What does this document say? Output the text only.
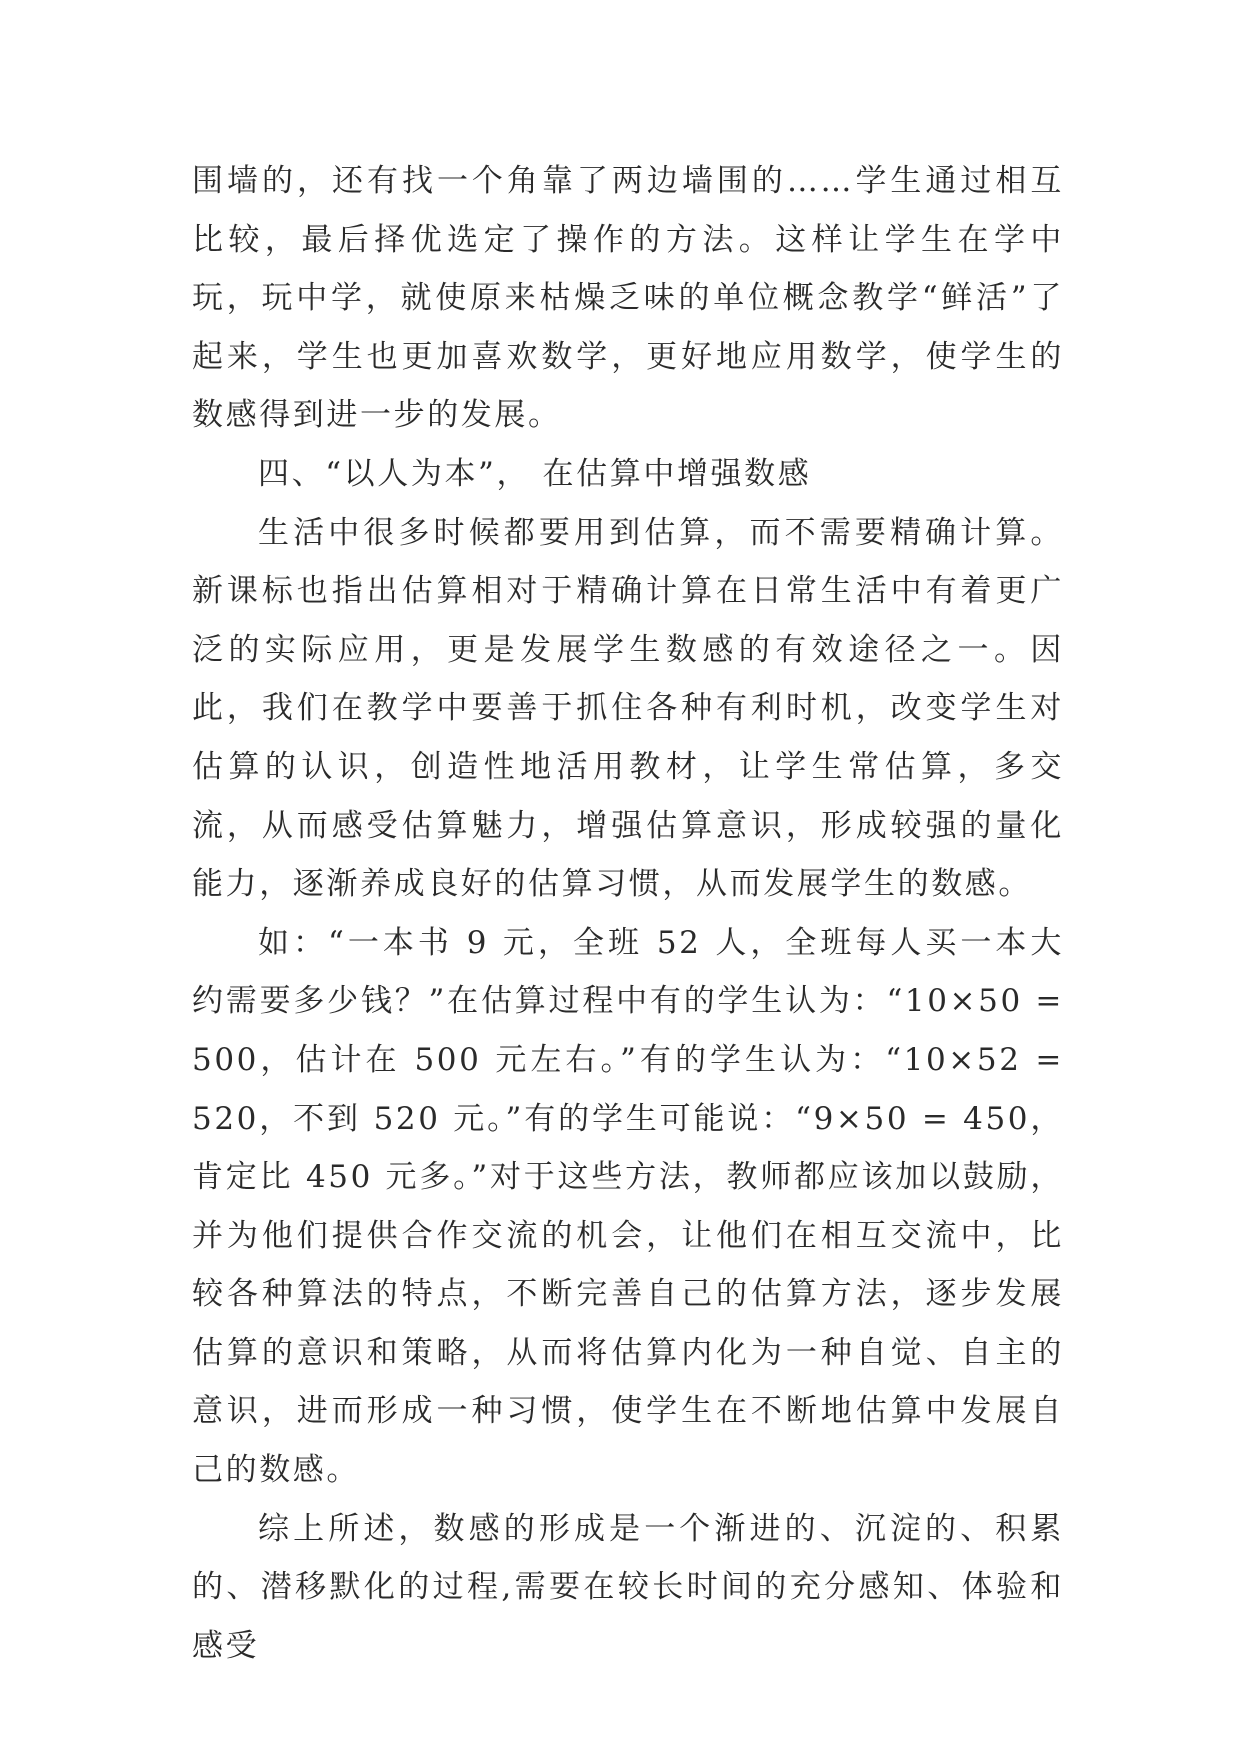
围墙的，还有找一个角靠了两边墙围的……学生通过相互比较，最后择优选定了操作的方法。这样让学生在学中玩，玩中学，就使原来枯燥乏味的单位概念教学“鲜活”了起来，学生也更加喜欢数学，更好地应用数学，使学生的数感得到进一步的发展。

四、“以人为本”， 在估算中增强数感

生活中很多时候都要用到估算，而不需要精确计算。新课标也指出估算相对于精确计算在日常生活中有着更广泛的实际应用，更是发展学生数感的有效途径之一。因此，我们在教学中要善于抓住各种有利时机，改变学生对估算的认识，创造性地活用教材，让学生常估算，多交流，从而感受估算魅力，增强估算意识，形成较强的量化能力，逐渐养成良好的估算习惯，从而发展学生的数感。

如：“一本书 9 元，全班 52 人，全班每人买一本大约需要多少钱？”在估算过程中有的学生认为：“10×50 = 500，估计在 500 元左右。”有的学生认为：“10×52 = 520，不到 520 元。”有的学生可能说：“9×50 = 450，肯定比 450 元多。”对于这些方法，教师都应该加以鼓励，并为他们提供合作交流的机会，让他们在相互交流中，比较各种算法的特点，不断完善自己的估算方法，逐步发展估算的意识和策略，从而将估算内化为一种自觉、自主的意识，进而形成一种习惯，使学生在不断地估算中发展自己的数感。

综上所述，数感的形成是一个渐进的、沉淀的、积累的、潜移默化的过程,需要在较长时间的充分感知、体验和感受
